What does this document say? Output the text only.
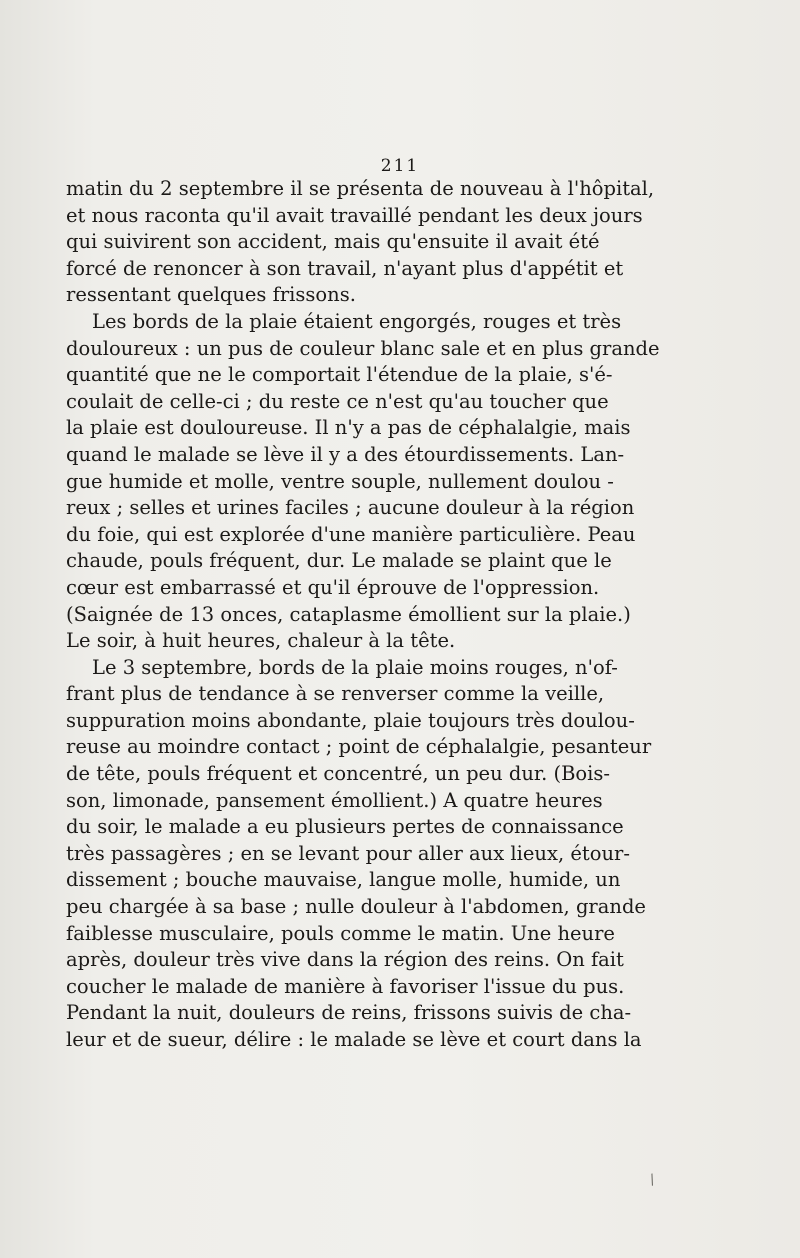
211
matin du 2 septembre il se présenta de nouveau à l'hôpital,
et nous raconta qu'il avait travaillé pendant les deux jours
qui suivirent son accident, mais qu'ensuite il avait été
forcé de renoncer à son travail, n'ayant plus d'appétit et
ressentant quelques frissons.
Les bords de la plaie étaient engorgés, rouges et très
douloureux : un pus de couleur blanc sale et en plus grande
quantité que ne le comportait l'étendue de la plaie, s'é-
coulait de celle-ci ; du reste ce n'est qu'au toucher que
la plaie est douloureuse. Il n'y a pas de céphalalgie, mais
quand le malade se lève il y a des étourdissements. Lan-
gue humide et molle, ventre souple, nullement doulou -
reux ; selles et urines faciles ; aucune douleur à la région
du foie, qui est explorée d'une manière particulière. Peau
chaude, pouls fréquent, dur. Le malade se plaint que le
cœur est embarrassé et qu'il éprouve de l'oppression.
(Saignée de 13 onces, cataplasme émollient sur la plaie.)
Le soir, à huit heures, chaleur à la tête.
Le 3 septembre, bords de la plaie moins rouges, n'of-
frant plus de tendance à se renverser comme la veille,
suppuration moins abondante, plaie toujours très doulou-
reuse au moindre contact ; point de céphalalgie, pesanteur
de tête, pouls fréquent et concentré, un peu dur. (Bois-
son, limonade, pansement émollient.) A quatre heures
du soir, le malade a eu plusieurs pertes de connaissance
très passagères ; en se levant pour aller aux lieux, étour-
dissement ; bouche mauvaise, langue molle, humide, un
peu chargée à sa base ; nulle douleur à l'abdomen, grande
faiblesse musculaire, pouls comme le matin. Une heure
après, douleur très vive dans la région des reins. On fait
coucher le malade de manière à favoriser l'issue du pus.
Pendant la nuit, douleurs de reins, frissons suivis de cha-
leur et de sueur, délire : le malade se lève et court dans la
/
